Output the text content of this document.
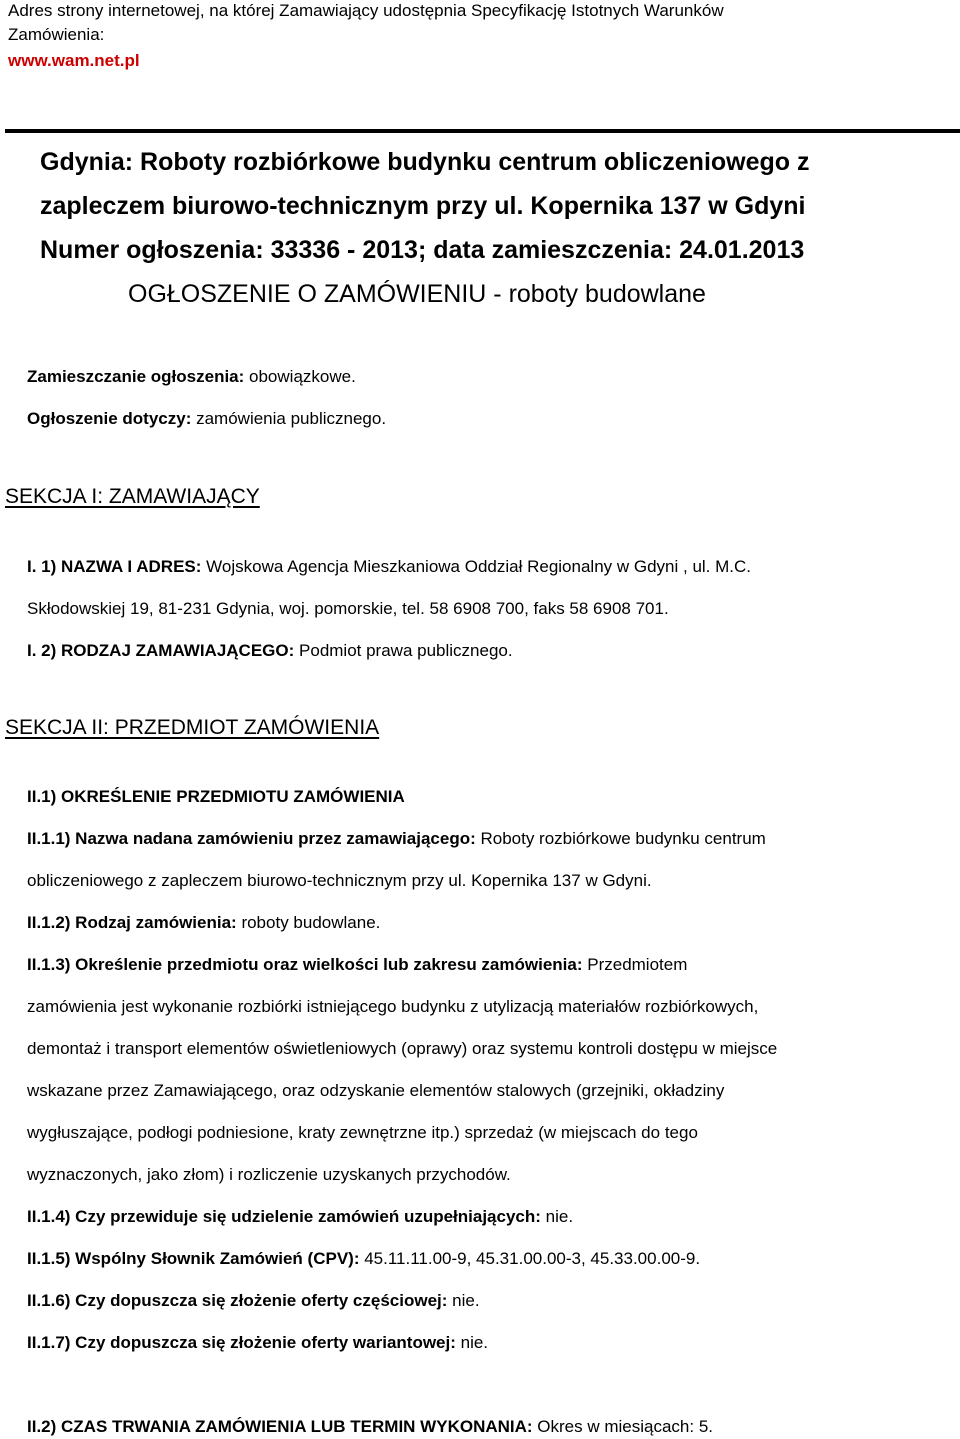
Adres strony internetowej, na której Zamawiający udostępnia Specyfikację Istotnych Warunków
Zamówienia:
www.wam.net.pl
Gdynia: Roboty rozbiórkowe budynku centrum obliczeniowego z
zapleczem biurowo-technicznym przy ul. Kopernika 137 w Gdyni
Numer ogłoszenia: 33336 - 2013; data zamieszczenia: 24.01.2013
OGŁOSZENIE O ZAMÓWIENIU - roboty budowlane
Zamieszczanie ogłoszenia: obowiązkowe.
Ogłoszenie dotyczy: zamówienia publicznego.
SEKCJA I: ZAMAWIAJĄCY
I. 1) NAZWA I ADRES: Wojskowa Agencja Mieszkaniowa Oddział Regionalny w Gdyni , ul. M.C.
Skłodowskiej 19, 81-231 Gdynia, woj. pomorskie, tel. 58 6908 700, faks 58 6908 701.
I. 2) RODZAJ ZAMAWIAJĄCEGO: Podmiot prawa publicznego.
SEKCJA II: PRZEDMIOT ZAMÓWIENIA
II.1) OKREŚLENIE PRZEDMIOTU ZAMÓWIENIA
II.1.1) Nazwa nadana zamówieniu przez zamawiającego: Roboty rozbiórkowe budynku centrum
obliczeniowego z zapleczem biurowo-technicznym przy ul. Kopernika 137 w Gdyni.
II.1.2) Rodzaj zamówienia: roboty budowlane.
II.1.3) Określenie przedmiotu oraz wielkości lub zakresu zamówienia: Przedmiotem
zamówienia jest wykonanie rozbiórki istniejącego budynku z utylizacją materiałów rozbiórkowych,
demontaż i transport elementów oświetleniowych (oprawy) oraz systemu kontroli dostępu w miejsce
wskazane przez Zamawiającego, oraz odzyskanie elementów stalowych (grzejniki, okładziny
wygłuszające, podłogi podniesione, kraty zewnętrzne itp.) sprzedaż (w miejscach do tego
wyznaczonych, jako złom) i rozliczenie uzyskanych przychodów.
II.1.4) Czy przewiduje się udzielenie zamówień uzupełniających: nie.
II.1.5) Wspólny Słownik Zamówień (CPV): 45.11.11.00-9, 45.31.00.00-3, 45.33.00.00-9.
II.1.6) Czy dopuszcza się złożenie oferty częściowej: nie.
II.1.7) Czy dopuszcza się złożenie oferty wariantowej: nie.
II.2) CZAS TRWANIA ZAMÓWIENIA LUB TERMIN WYKONANIA: Okres w miesiącach: 5.
